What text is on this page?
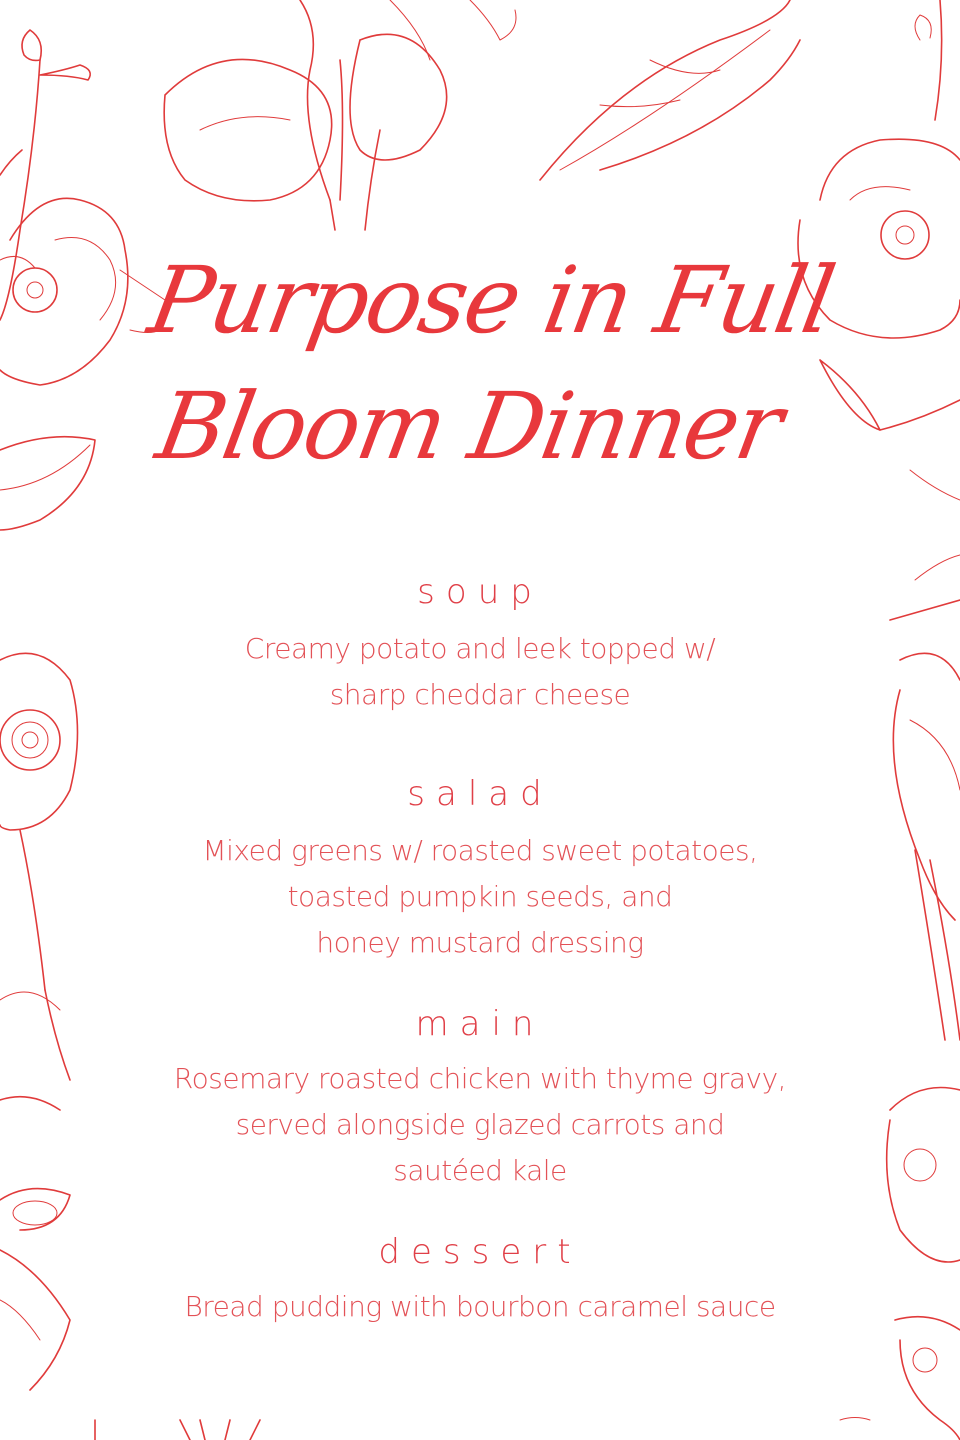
Purpose in Full
Bloom Dinner
soup
Creamy potato and leek topped w/
sharp cheddar cheese
salad
Mixed greens w/ roasted sweet potatoes,
toasted pumpkin seeds, and
honey mustard dressing
main
Rosemary roasted chicken with thyme gravy,
served alongside glazed carrots and
sautéed kale
dessert
Bread pudding with bourbon caramel sauce
